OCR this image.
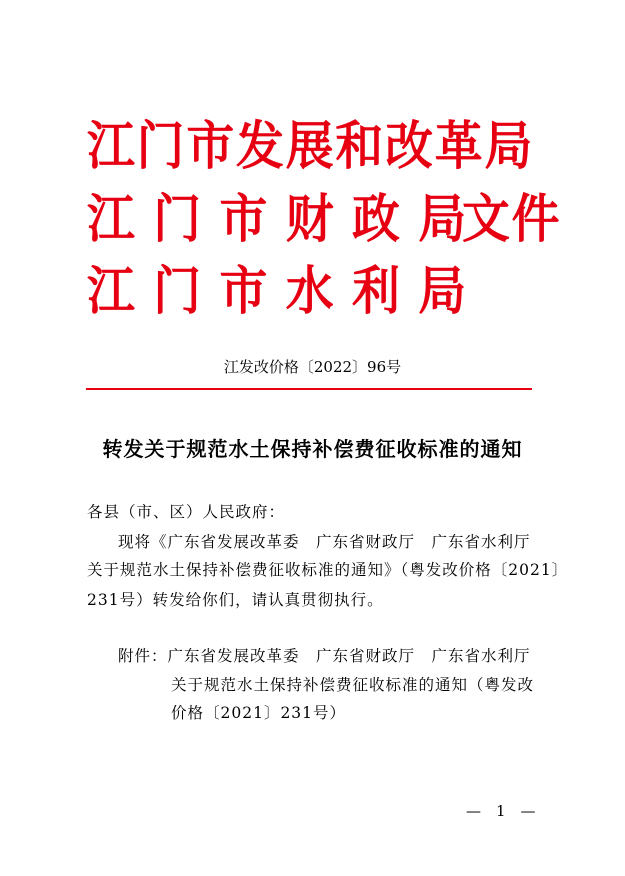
江门市发展和改革局
江门市财政局
江门市水利局
文件
江发改价格〔2022〕96号
转发关于规范水土保持补偿费征收标准的通知
各县（市、区）人民政府：
现将《广东省发展改革委　广东省财政厅　广东省水利厅
关于规范水土保持补偿费征收标准的通知》（粤发改价格〔2021〕
231号）转发给你们，请认真贯彻执行。
附件：广东省发展改革委　广东省财政厅　广东省水利厅
关于规范水土保持补偿费征收标准的通知（粤发改
价格〔2021〕231号）
—　1　—
